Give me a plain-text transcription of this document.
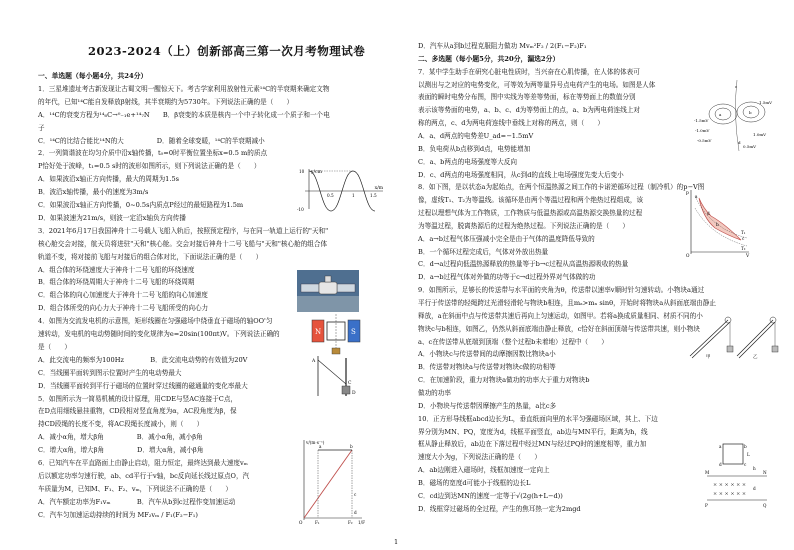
2023-2024（上）创新部高三第一次月考物理试卷

一、单选题（每小题4分，共24分）

1．三星堆遗址考古新发现让古蜀文明一醒惊天下。考古学家利用放射性元素¹⁴C的半衰期来确定文物

的年代，已知¹⁴C能自发释放β射线，其半衰期约为5730年。下列说法正确的是（　　）

A．¹⁴C的衰变方程为¹⁴₆C→⁰₋₁e+¹⁴₇N　　B．β衰变的本质是核内一个中子转化成一个质子和一个电

子

C．¹⁴C的比结合能比¹⁴N的大　　　　　D．随着全球变暖，¹⁴C的半衰期减小

2．一列简谐波在均匀介质中沿x轴传播，t₀=0时平衡位置坐标x=0.5 m的质点

P恰好处于波峰，t₁=0.5 s时的波形如图所示，则下列说法正确的是（　　）

A．如果波沿x轴正方向传播，最大的周期为1.5s

B．波沿x轴传播，最小的速度为3m/s

C．如果波沿x轴正方向传播，0~0.5s内质点P经过的最短路程为1.5m

D．如果波速为21m/s，则波一定沿x轴负方向传播

3．2021年6月17日我国神舟十二号载人飞船入轨后，按照预定程序，与在同一轨道上运行的"天和"

核心舱交会对接，航天员将进驻"天和"核心舱。交会对接后神舟十二号飞船与"天和"核心舱的组合体

轨道不变，将对接前飞船与对接后的组合体对比，下面说法正确的是（　　）

A．组合体的环绕速度大于神舟十二号飞船的环绕速度

B．组合体的环绕周期大于神舟十二号飞船的环绕周期

C．组合体的向心加速度大于神舟十二号飞船的向心加速度

D．组合体所受的向心力大于神舟十二号飞船所受的向心力

4．如图为交流发电机的示意图，矩形线圈在匀强磁场中绕垂直于磁场的轴OO'匀

速转动，发电机的电动势随时间的变化规律为e=20sin(100πt)V。下列说法正确的

是（　　）

A．此交流电的频率为100Hz　　　　B．此交流电动势的有效值为20V

C．当线圈平面转到图示位置时产生的电动势最大

D．当线圈平面转到平行于磁场的位置时穿过线圈的磁通量的变化率最大

5．如图所示为一简易机械的设计原理，用CDE与竖AC连接于C点，

在D点用细线悬挂重物，CD段相对竖直角度为α，AC段角度为β，保

持CD段绳的长度不变，将AC段绳长度减小，则（　　）

A．减小α角，增大β角　　　　　B．减小α角，减小β角

C．增大α角，增大β角　　　　　D．增大α角，减小β角

6．已知汽车在平直路面上由静止启动，阻力恒定，最终达到最大速度vₘ

后以额定功率匀速行驶，ab、cd平行于v轴，bc反向延长线过原点O，汽

车质量为M，已知M、F₁、F₂、vₘ，下列说法不正确的是（　　）

A．汽车额定功率为F₁vₘ　　　　B．汽车从b到c过程作变加速运动

C．汽车匀加速运动持续的时间为 MF₂vₘ / F₁(F₂−F₁)

D．汽车从a到b过程克服阻力做功 Mvₘ²F₂ / 2(F₁−F₂)F₁

二、多选题（每小题5分，共20分，漏选2分）

7．某中学生助手在研究心脏电性质时，当兴奋在心肌传播，在人体的体表可

以测出与之对应的电势变化，可等效为两等量异号点电荷产生的电场。如图是人体

表面的瞬时电势分布图，图中实线为等差等势面，标在等势面上的数值分别

表示该等势面的电势，a、b、c、d为等势面上的点，a、b为两电荷连线上对

称的两点，c、d为两电荷连线中垂线上对称的两点，则（　　）

A．a、d两点的电势差U_ad=−1.5mV

B．负电荷从b点移到d点，电势能增加

C．a、b两点的电场强度等大反向

D．c、d两点的电场强度相同，从c到d的直线上电场强度先变大后变小

8．如下图，是以状态a为起始点，在两个恒温热源之间工作的卡诺逆循环过程（制冷机）的p−V图

像，虚线T₁、T₂为等温线。该循环是由两个等温过程和两个绝热过程组成，该

过程以理想气体为工作物质，工作物质与低温热源或高温热源交换热量的过程

为等温过程，脱离热源后的过程为绝热过程。下列说法正确的是（　　）

A．a→b过程气体压强减小完全是由于气体的温度降低导致的

B．一个循环过程完成后，气体对外放出热量

C．d→a过程向低温热源释放的热量等于b→c过程从高温热源吸收的热量

D．a→b过程气体对外做的功等于c→d过程外界对气体做的功

9．如图所示，足够长的传送带与水平面的夹角为θ，传送带以速率v顺时针匀速转动。小物块a通过

平行于传送带的轻绳跨过光滑轻滑轮与物块b相连，且mₐ>mₙ sinθ，开始时将物块a从斜面底端由静止

释放，a在斜面中点与传送带共速后再向上匀速运动，如图甲。若将a换成质量相同、材质不同的小

物块c与b相连，如图乙，仍然从斜面底端由静止释放，c恰好在斜面顶端与传送带共速，则小物块

a、c在传送带从底端到顶端（整个过程b未着地）过程中（　　）

A．小物块c与传送带间的动摩擦因数比物块a小

B．传送带对物块a与传送带对物块c做的功相等

C．在加速阶段，重力对物块a做功的功率大于重力对物块b

做功的功率

D．小物块与传送带因摩擦产生的热量，a比c多

10．正方形导线框abcd边长为L，垂直纸面向里的水平匀强磁场区域，其上、下边

界分别为MN、PQ，宽度为d，线框平面竖直，ab边与MN平行，距离为h，线

框从静止释放后，ab边在下落过程中经过MN与经过PQ时的速度相等，重力加

速度大小为g，下列说法正确的是（　　）

A．ab边刚进入磁场时，线框加速度一定向上

B．磁场的宽度d可能小于线框的边长L

C．cd边到达MN的速度一定等于√(2g(h+L−d))

D．线框穿过磁场的全过程，产生的焦耳热一定为2mgd

x/m
y/cm
10
-10
0.5	1	1.5
N	S
A
C
D
v/(m·s⁻¹)
a	b
c
d
O	F₁	F₂ 1/F
-1.5mV
-1.0mV
-0.5mV
0.5mV
1.0mV
1.5mV
a	b
c
d
p
V
a
b
c
d
T₁
T₂
O
甲	乙
× × × × × ×
× × × × × ×
a	b
c
d
M	N
P	Q
h
d
L
1
